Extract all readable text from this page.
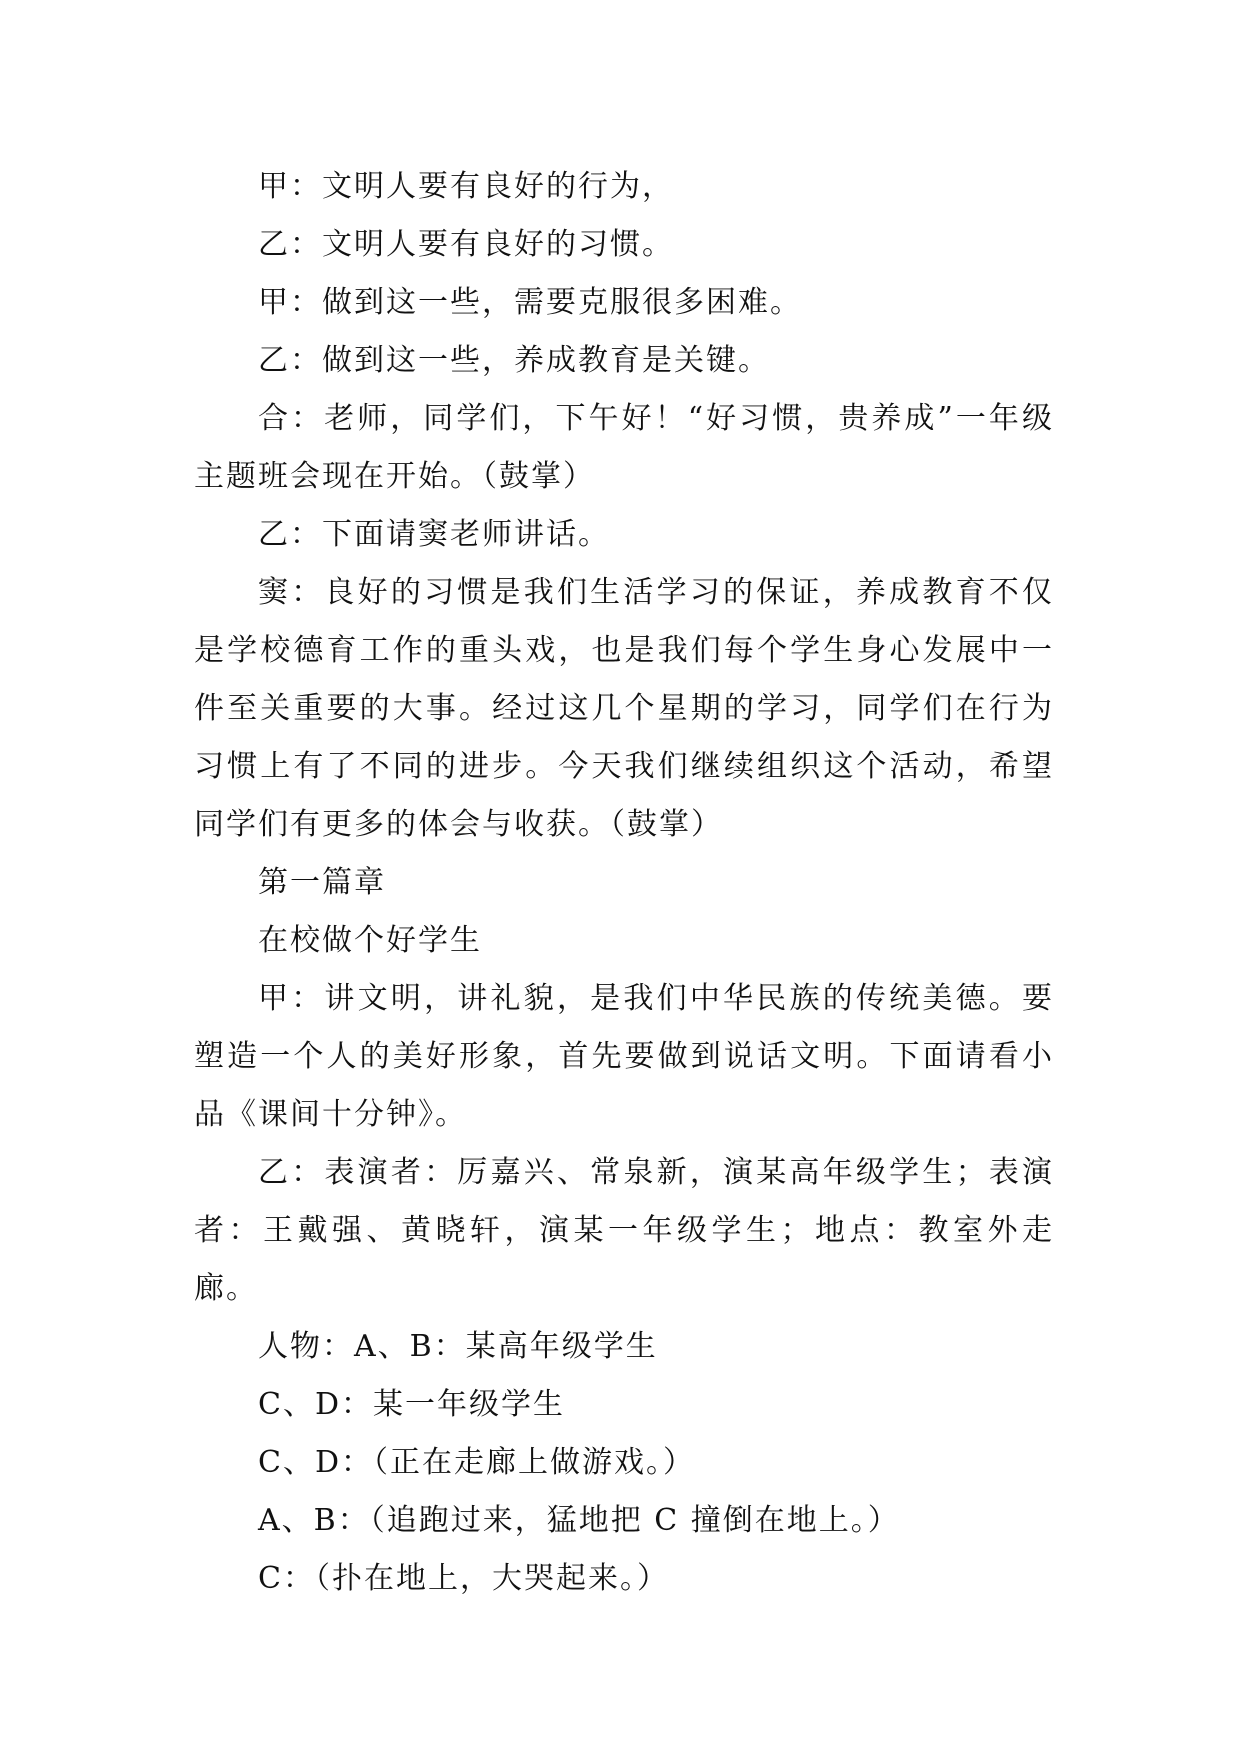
甲：文明人要有良好的行为，

乙：文明人要有良好的习惯。

甲：做到这一些，需要克服很多困难。

乙：做到这一些，养成教育是关键。

合：老师，同学们，下午好！“好习惯，贵养成”一年级主题班会现在开始。（鼓掌）

乙：下面请窦老师讲话。

窦：良好的习惯是我们生活学习的保证，养成教育不仅是学校德育工作的重头戏，也是我们每个学生身心发展中一件至关重要的大事。经过这几个星期的学习，同学们在行为习惯上有了不同的进步。今天我们继续组织这个活动，希望同学们有更多的体会与收获。（鼓掌）

第一篇章

在校做个好学生

甲：讲文明，讲礼貌，是我们中华民族的传统美德。要塑造一个人的美好形象，首先要做到说话文明。下面请看小品《课间十分钟》。

乙：表演者：厉嘉兴、常泉新，演某高年级学生；表演者：王戴强、黄晓轩，演某一年级学生；地点：教室外走廊。

人物：A、B：某高年级学生

C、D：某一年级学生

C、D：（正在走廊上做游戏。）

A、B：（追跑过来，猛地把 C 撞倒在地上。）

C：（扑在地上，大哭起来。）
